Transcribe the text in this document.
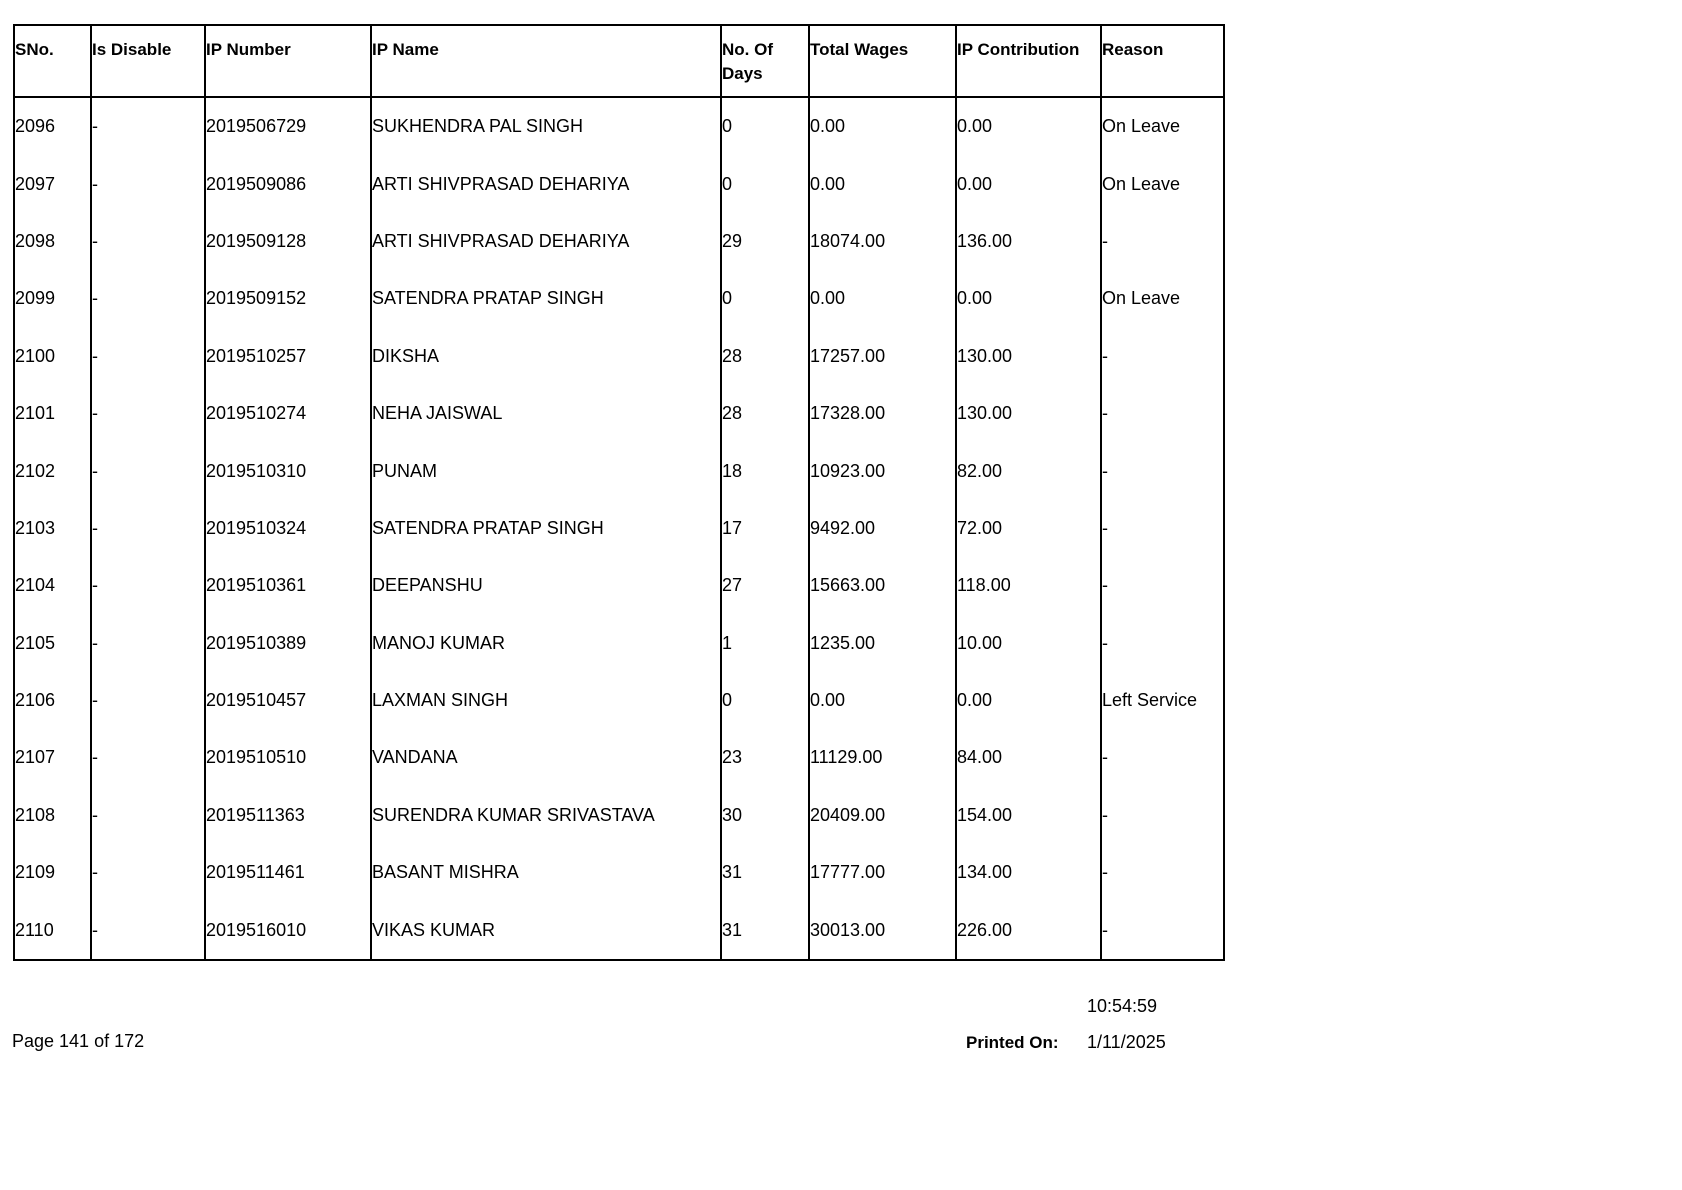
SNo.	Is Disable	IP Number	IP Name	No. Of Days	Total Wages	IP Contribution	Reason
2096	-	2019506729	SUKHENDRA PAL SINGH	0	0.00	0.00	On Leave
2097	-	2019509086	ARTI SHIVPRASAD DEHARIYA	0	0.00	0.00	On Leave
2098	-	2019509128	ARTI SHIVPRASAD DEHARIYA	29	18074.00	136.00	-
2099	-	2019509152	SATENDRA PRATAP SINGH	0	0.00	0.00	On Leave
2100	-	2019510257	DIKSHA	28	17257.00	130.00	-
2101	-	2019510274	NEHA JAISWAL	28	17328.00	130.00	-
2102	-	2019510310	PUNAM	18	10923.00	82.00	-
2103	-	2019510324	SATENDRA PRATAP SINGH	17	9492.00	72.00	-
2104	-	2019510361	DEEPANSHU	27	15663.00	118.00	-
2105	-	2019510389	MANOJ KUMAR	1	1235.00	10.00	-
2106	-	2019510457	LAXMAN SINGH	0	0.00	0.00	Left Service
2107	-	2019510510	VANDANA	23	11129.00	84.00	-
2108	-	2019511363	SURENDRA KUMAR SRIVASTAVA	30	20409.00	154.00	-
2109	-	2019511461	BASANT MISHRA	31	17777.00	134.00	-
2110	-	2019516010	VIKAS KUMAR	31	30013.00	226.00	-
Page 141 of 172
10:54:59
Printed On: 1/11/2025
